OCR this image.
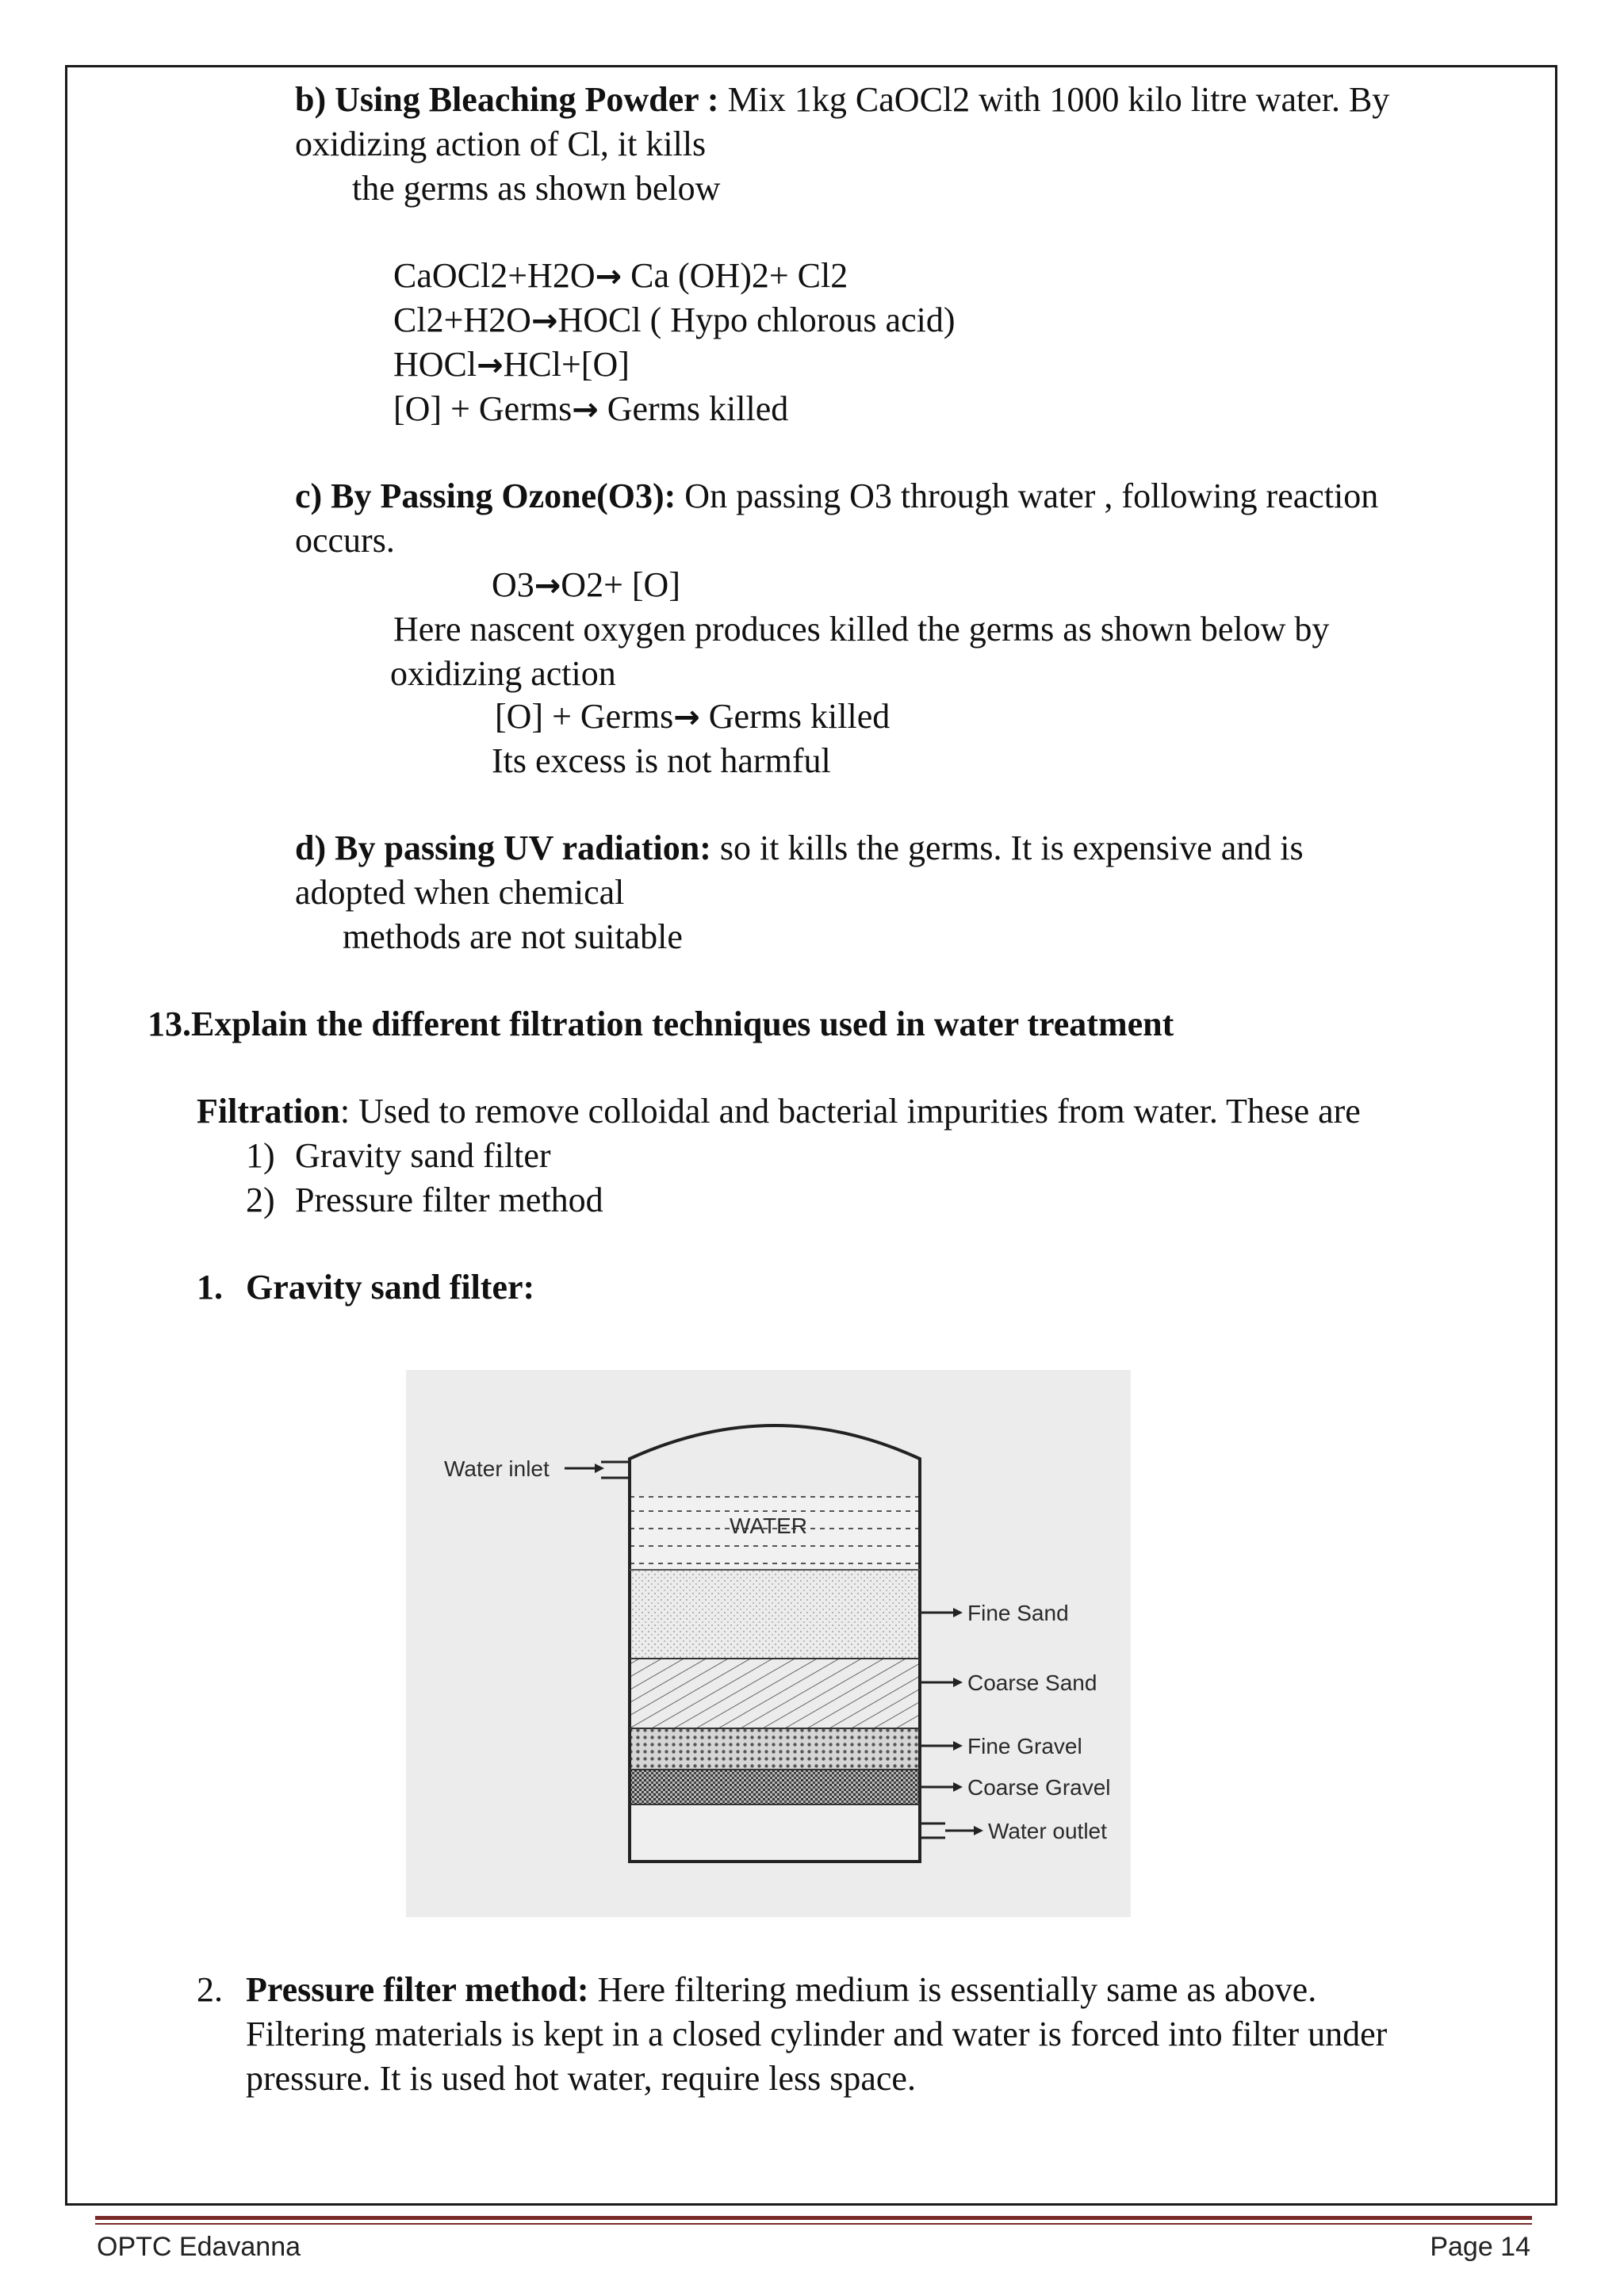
b) Using Bleaching Powder : Mix 1kg CaOCl2 with 1000 kilo litre water. By
oxidizing action of Cl, it kills
the germs as shown below
CaOCl2+H2O→ Ca (OH)2+ Cl2
Cl2+H2O→HOCl ( Hypo chlorous acid)
HOCl→HCl+[O]
[O] + Germs→ Germs killed
c) By Passing Ozone(O3): On passing O3 through water , following reaction
occurs.
O3→O2+ [O]
Here nascent oxygen produces killed the germs as shown below by
oxidizing action
[O] + Germs→ Germs killed
Its excess is not harmful
d) By passing UV radiation: so it kills the germs. It is expensive and is
adopted when chemical
methods are not suitable
13.Explain the different filtration techniques used in water treatment
Filtration: Used to remove colloidal and bacterial impurities from water. These are
1) Gravity sand filter
2) Pressure filter method
1. Gravity sand filter:
Water inlet
WATER
Fine Sand
Coarse Sand
Fine Gravel
Coarse Gravel
Water outlet
2. Pressure filter method: Here filtering medium is essentially same as above.
Filtering materials is kept in a closed cylinder and water is forced into filter under
pressure. It is used hot water, require less space.
OPTC Edavanna	Page 14
